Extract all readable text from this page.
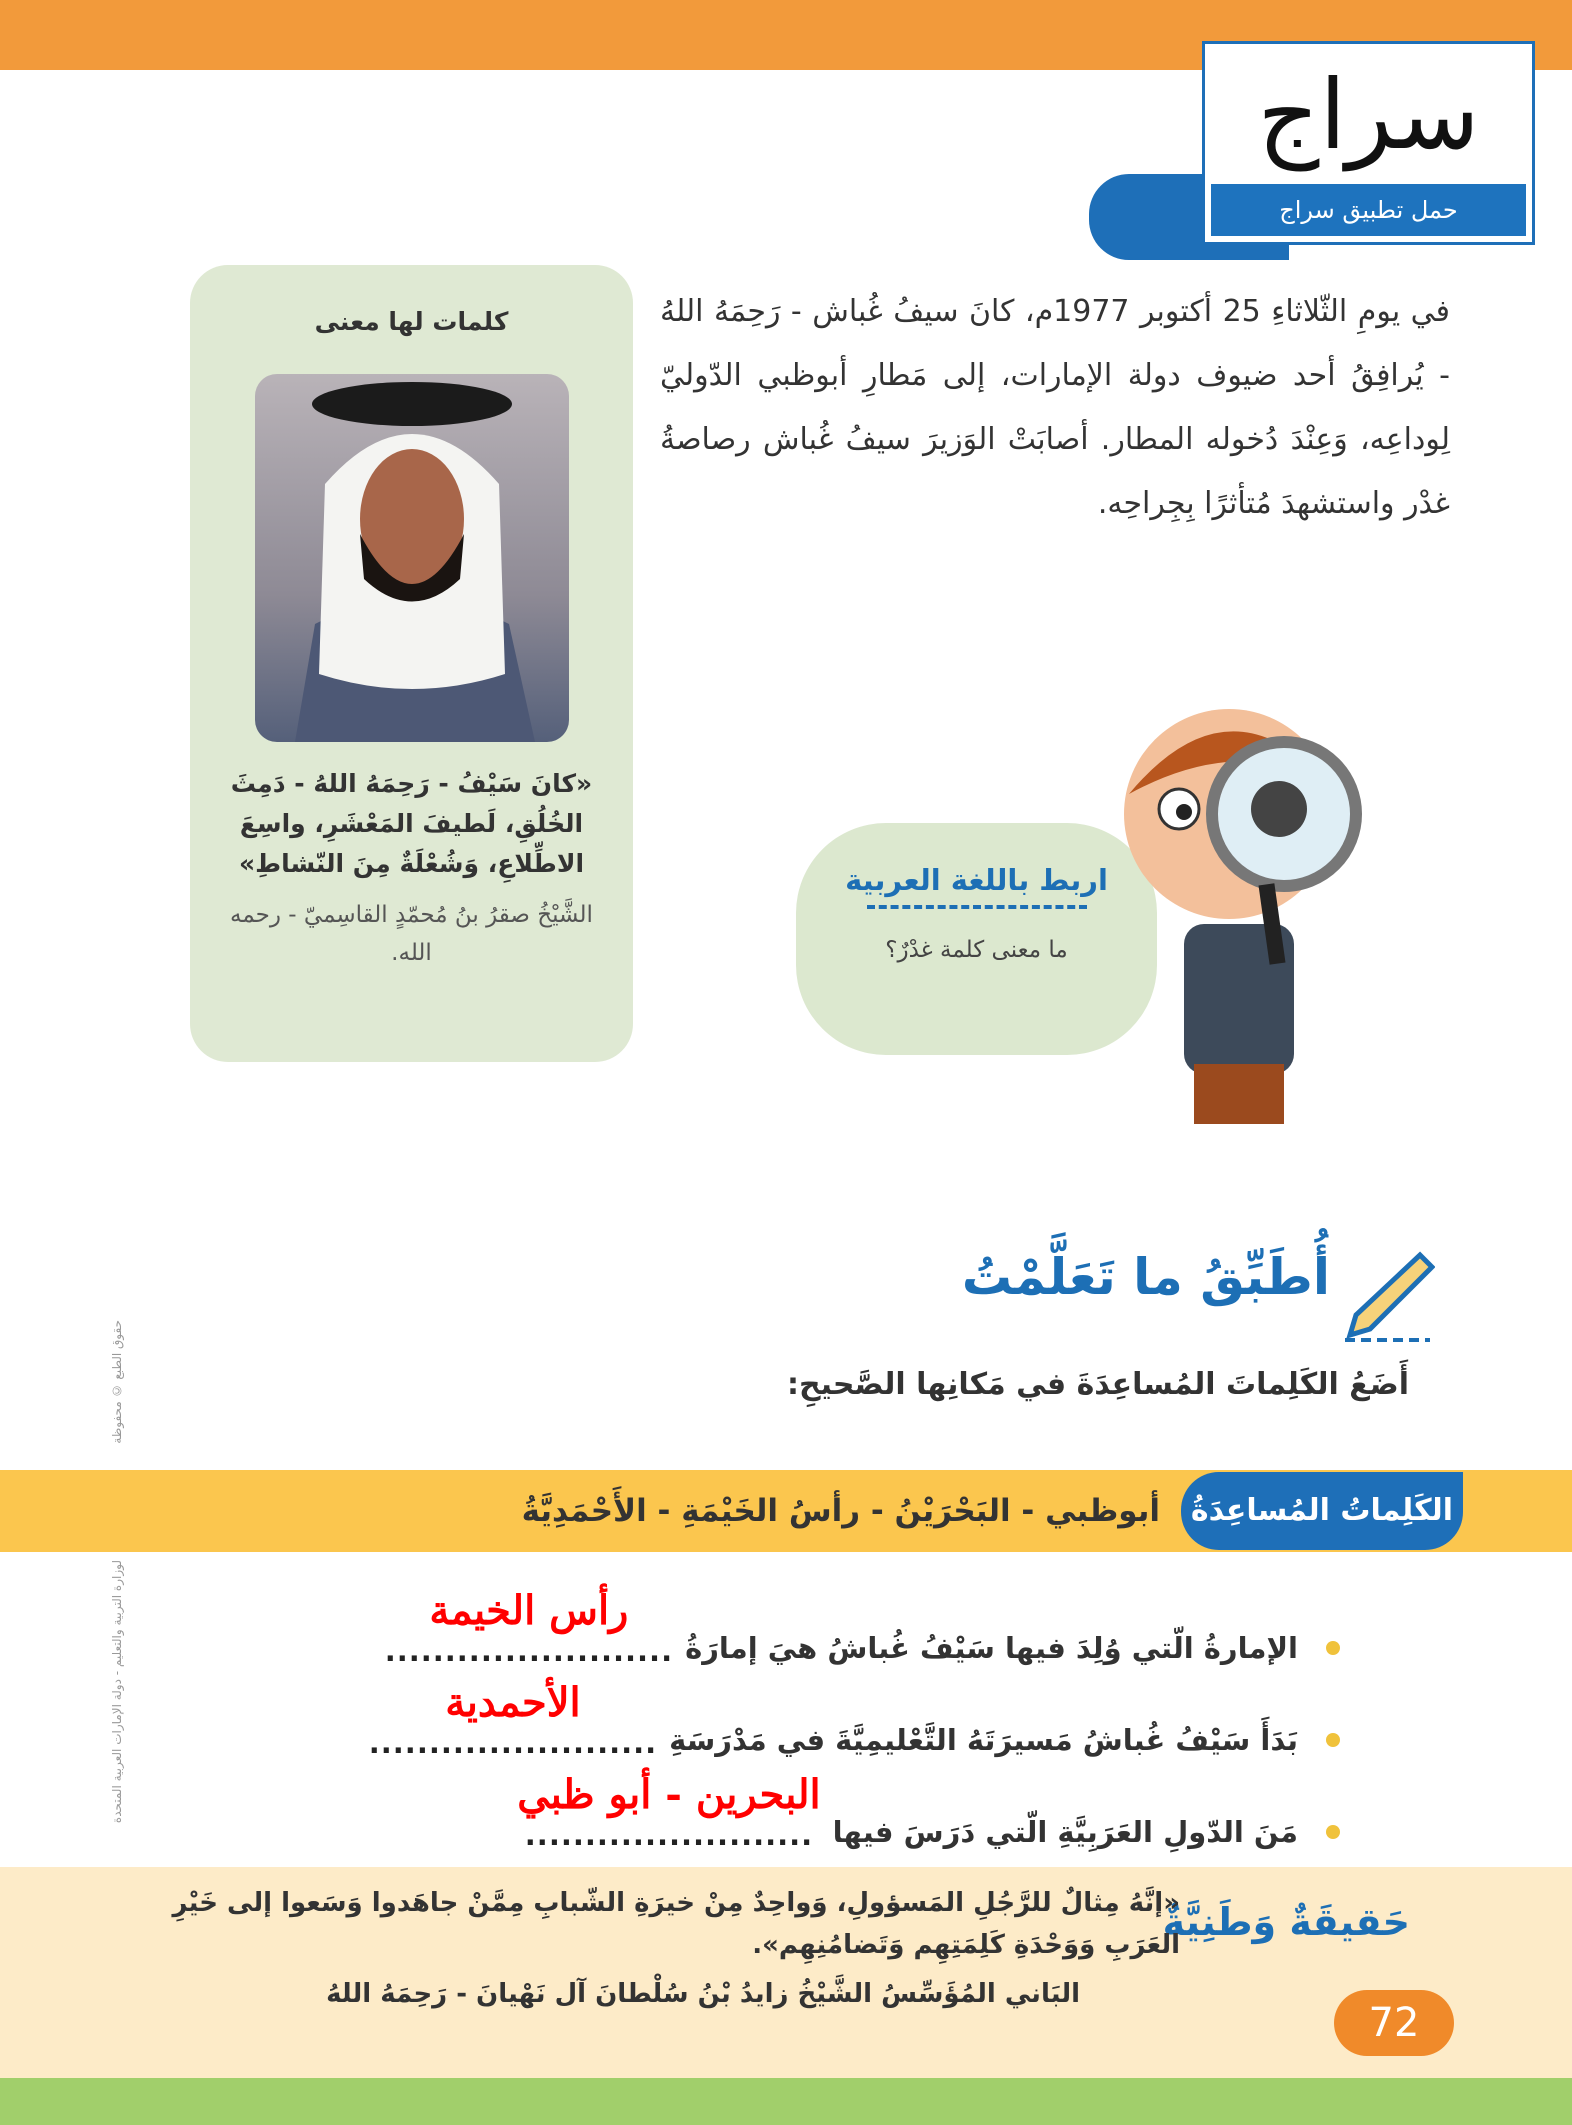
سراج
حمل تطبيق سراج

في يومِ الثّلاثاءِ 25 أكتوبر 1977م، كانَ سيفُ غُباش - رَحِمَهُ اللهُ - يُرافِقُ أحد ضيوف دولة الإمارات، إلى مَطارِ أبوظبي الدّوليّ لِوداعِه، وَعِنْدَ دُخوله المطار. أصابَتْ الوَزيرَ سيفُ غُباش رصاصةُ غدْر واستشهدَ مُتأثرًا بِجِراحِه.

كلمات لها معنى
«كانَ سَيْفُ - رَحِمَهُ اللهُ - دَمِثَ الخُلُقِ، لَطيفَ المَعْشَرِ، واسِعَ الاطِّلاعِ، وَشُعْلَةٌ مِنَ النّشاطِ»
الشَّيْخُ صقرُ بنُ مُحمّدٍ القاسِميّ - رحمه الله.
اربط باللغة العربية
ما معنى كلمة غدْرٌ؟
أُطَبِّقُ ما تَعَلَّمْتُ
أَضَعُ الكَلِماتَ المُساعِدَةَ في مَكانِها الصَّحيحِ:
الكَلِماتُ المُساعِدَةُ
أبوظبي - البَحْرَيْنُ - رأسُ الخَيْمَةِ - الأَحْمَدِيَّةُ
الإمارةُ الّتي وُلِدَ فيها سَيْفُ غُباشُ هيَ إمارَةُ
رأس الخيمة
........................
بَدَأَ سَيْفُ غُباشُ مَسيرَتَهُ التَّعْليمِيَّةَ في مَدْرَسَةِ
الأحمدية
........................
مَنَ الدّولِ العَرَبِيَّةِ الّتي دَرَسَ فيها
البحرين - أبو ظبي
........................
حقوق الطبع © محفوظة
لوزارة التربية والتعليم - دولة الإمارات العربية المتحدة
حَقيقَةٌ وَطَنِيَّةٌ
«إنَّهُ مِثالٌ للرَّجُلِ المَسؤولِ، وَواحِدٌ مِنْ خيرَةِ الشّبابِ مِمَّنْ جاهَدوا وَسَعوا إلى خَيْرِ العَرَبِ وَوَحْدَةِ كَلِمَتِهِم وَتَضامُنِهِم».
البَاني المُؤَسِّسُ الشَّيْخُ زايدُ بْنُ سُلْطانَ آل نَهْيانَ - رَحِمَهُ اللهُ
72
